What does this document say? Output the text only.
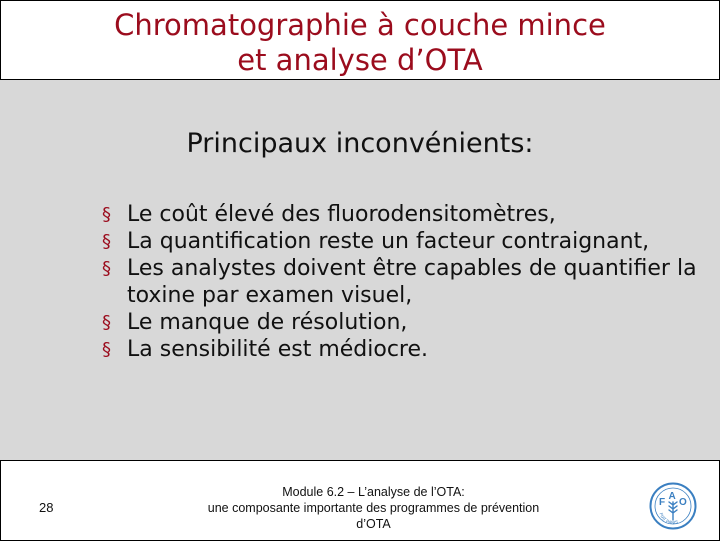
Chromatographie à couche mince
et analyse d’OTA
Principaux inconvénients:
§ Le coût élevé des fluorodensitomètres,
§ La quantification reste un facteur contraignant,
§ Les analystes doivent être capables de quantifier la toxine par examen visuel,
§ Le manque de résolution,
§ La sensibilité est médiocre.
28
Module 6.2 – L’analyse de l’OTA:
une composante importante des programmes de prévention
d’OTA
F
A
O
FIAT PANIS
